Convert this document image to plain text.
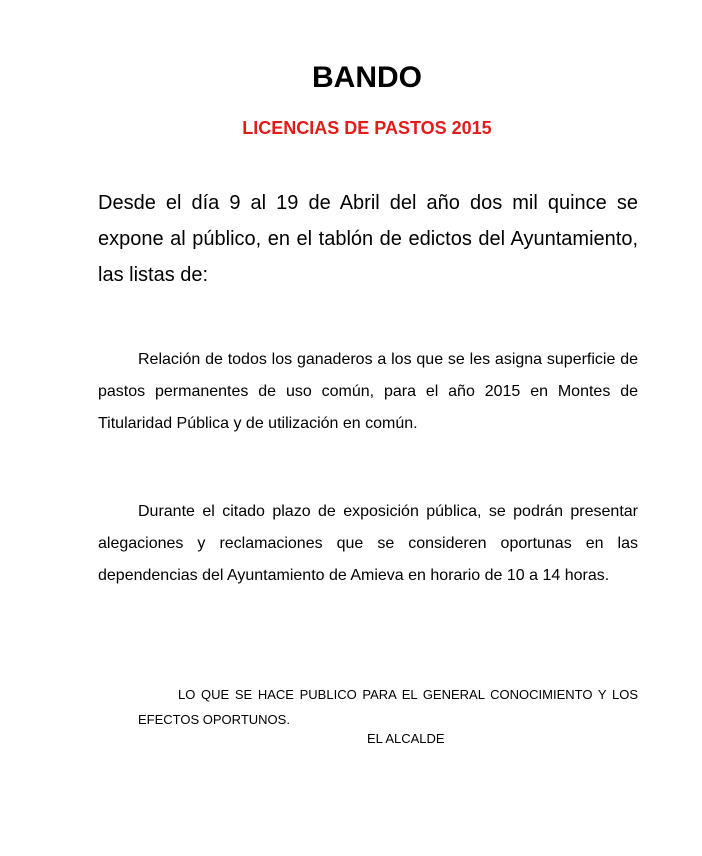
BANDO
LICENCIAS DE PASTOS 2015

Desde el día 9 al 19 de Abril del año dos mil quince se expone al público, en el tablón de edictos del Ayuntamiento, las listas de:

Relación de todos los ganaderos a los que se les asigna superficie de pastos permanentes de uso común, para el año 2015 en Montes de Titularidad Pública y de utilización en común.

Durante el citado plazo de exposición pública, se podrán presentar alegaciones y reclamaciones que se consideren oportunas en las dependencias del Ayuntamiento de Amieva en horario de 10 a 14 horas.

LO QUE SE HACE PUBLICO PARA EL GENERAL CONOCIMIENTO Y LOS EFECTOS OPORTUNOS.

EL ALCALDE
